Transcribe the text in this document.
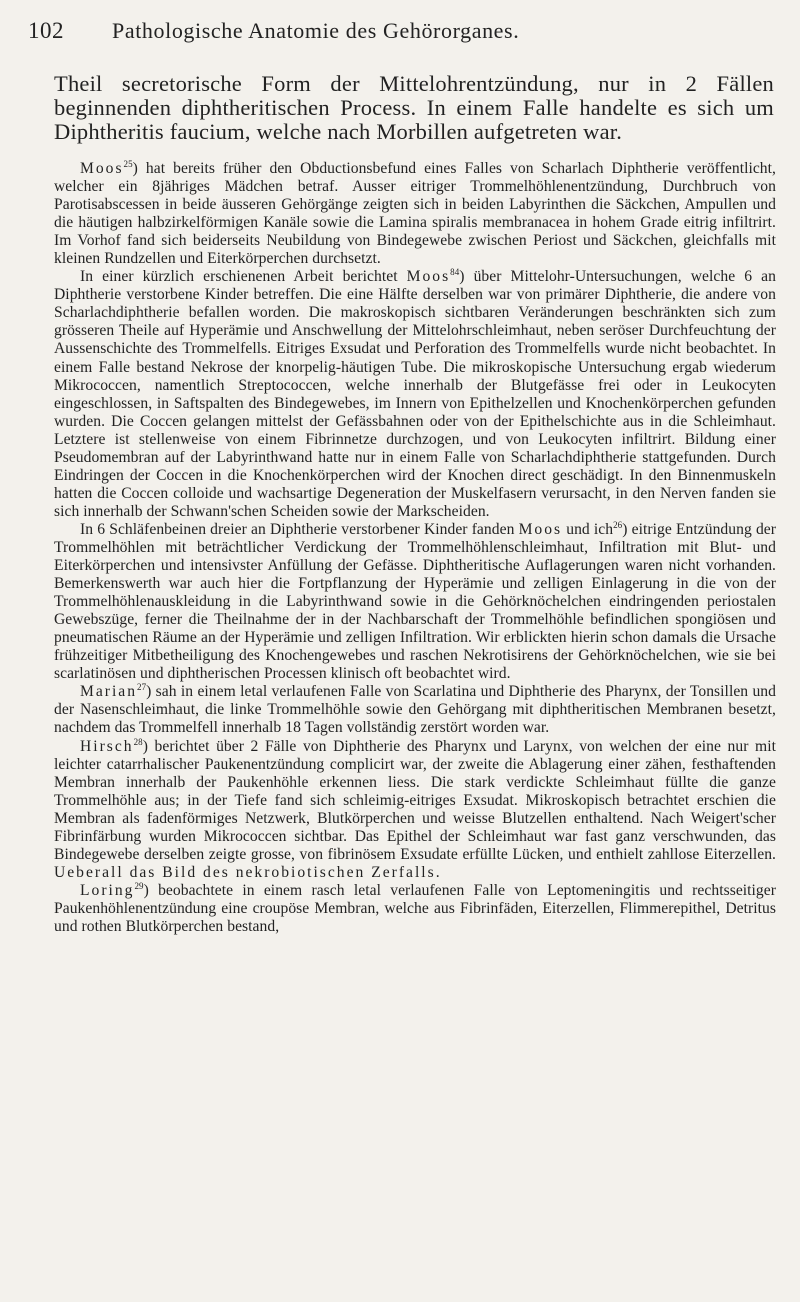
102 Pathologische Anatomie des Gehörorganes.
Theil secretorische Form der Mittelohrentzündung, nur in 2 Fällen beginnenden diphtheritischen Process. In einem Falle handelte es sich um Diphtheritis faucium, welche nach Morbillen aufgetreten war.

Moos$^{25}$) hat bereits früher den Obductionsbefund eines Falles von Scharlach Diphtherie veröffentlicht, welcher ein 8jähriges Mädchen betraf. Ausser eitriger Trommelhöhlenentzündung, Durchbruch von Parotisabscessen in beide äusseren Gehörgänge zeigten sich in beiden Labyrinthen die Säckchen, Ampullen und die häutigen halbzirkelförmigen Kanäle sowie die Lamina spiralis membranacea in hohem Grade eitrig infiltrirt. Im Vorhof fand sich beiderseits Neubildung von Bindegewebe zwischen Periost und Säckchen, gleichfalls mit kleinen Rundzellen und Eiterkörperchen durchsetzt.

In einer kürzlich erschienenen Arbeit berichtet Moos$^{84}$) über Mittelohr-Untersuchungen, welche 6 an Diphtherie verstorbene Kinder betreffen. Die eine Hälfte derselben war von primärer Diphtherie, die andere von Scharlachdiphtherie befallen worden. Die makroskopisch sichtbaren Veränderungen beschränkten sich zum grösseren Theile auf Hyperämie und Anschwellung der Mittelohrschleimhaut, neben seröser Durchfeuchtung der Aussenschichte des Trommelfells. Eitriges Exsudat und Perforation des Trommelfells wurde nicht beobachtet. In einem Falle bestand Nekrose der knorpelig-häutigen Tube. Die mikroskopische Untersuchung ergab wiederum Mikrococcen, namentlich Streptococcen, welche innerhalb der Blutgefässe frei oder in Leukocyten eingeschlossen, in Saftspalten des Bindegewebes, im Innern von Epithelzellen und Knochenkörperchen gefunden wurden. Die Coccen gelangen mittelst der Gefässbahnen oder von der Epithelschichte aus in die Schleimhaut. Letztere ist stellenweise von einem Fibrinnetze durchzogen, und von Leukocyten infiltrirt. Bildung einer Pseudomembran auf der Labyrinthwand hatte nur in einem Falle von Scharlachdiphtherie stattgefunden. Durch Eindringen der Coccen in die Knochenkörperchen wird der Knochen direct geschädigt. In den Binnenmuskeln hatten die Coccen colloide und wachsartige Degeneration der Muskelfasern verursacht, in den Nerven fanden sie sich innerhalb der Schwann'schen Scheiden sowie der Markscheiden.

In 6 Schläfenbeinen dreier an Diphtherie verstorbener Kinder fanden Moos und ich$^{26}$) eitrige Entzündung der Trommelhöhlen mit beträchtlicher Verdickung der Trommelhöhlenschleimhaut, Infiltration mit Blut- und Eiterkörperchen und intensivster Anfüllung der Gefässe. Diphtheritische Auflagerungen waren nicht vorhanden. Bemerkenswerth war auch hier die Fortpflanzung der Hyperämie und zelligen Einlagerung in die von der Trommelhöhlenauskleidung in die Labyrinthwand sowie in die Gehörknöchelchen eindringenden periostalen Gewebszüge, ferner die Theilnahme der in der Nachbarschaft der Trommelhöhle befindlichen spongiösen und pneumatischen Räume an der Hyperämie und zelligen Infiltration. Wir erblickten hierin schon damals die Ursache frühzeitiger Mitbetheiligung des Knochengewebes und raschen Nekrotisirens der Gehörknöchelchen, wie sie bei scarlatinösen und diphtherischen Processen klinisch oft beobachtet wird.

Marian$^{27}$) sah in einem letal verlaufenen Falle von Scarlatina und Diphtherie des Pharynx, der Tonsillen und der Nasenschleimhaut, die linke Trommelhöhle sowie den Gehörgang mit diphtheritischen Membranen besetzt, nachdem das Trommelfell innerhalb 18 Tagen vollständig zerstört worden war.

Hirsch$^{28}$) berichtet über 2 Fälle von Diphtherie des Pharynx und Larynx, von welchen der eine nur mit leichter catarrhalischer Paukenentzündung complicirt war, der zweite die Ablagerung einer zähen, festhaftenden Membran innerhalb der Paukenhöhle erkennen liess. Die stark verdickte Schleimhaut füllte die ganze Trommelhöhle aus; in der Tiefe fand sich schleimig-eitriges Exsudat. Mikroskopisch betrachtet erschien die Membran als fadenförmiges Netzwerk, Blutkörperchen und weisse Blutzellen enthaltend. Nach Weigert'scher Fibrinfärbung wurden Mikrococcen sichtbar. Das Epithel der Schleimhaut war fast ganz verschwunden, das Bindegewebe derselben zeigte grosse, von fibrinösem Exsudate erfüllte Lücken, und enthielt zahllose Eiterzellen. Ueberall das Bild des nekrobiotischen Zerfalls.

Loring$^{29}$) beobachtete in einem rasch letal verlaufenen Falle von Leptomeningitis und rechtsseitiger Paukenhöhlenentzündung eine croupöse Membran, welche aus Fibrinfäden, Eiterzellen, Flimmerepithel, Detritus und rothen Blutkörperchen bestand,
